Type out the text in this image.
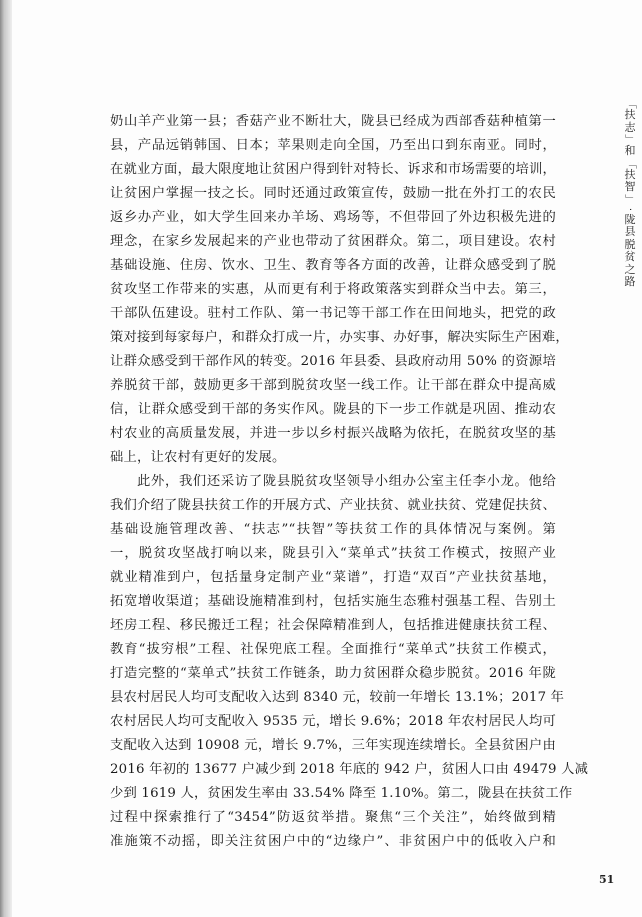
「
扶
志
」
和
「
扶
智
」
·
陇
县
脱
贫
之
路
奶山羊产业第一县；香菇产业不断壮大，陇县已经成为西部香菇种植第一
县，产品远销韩国、日本；苹果则走向全国，乃至出口到东南亚。同时，
在就业方面，最大限度地让贫困户得到针对特长、诉求和市场需要的培训，
让贫困户掌握一技之长。同时还通过政策宣传，鼓励一批在外打工的农民
返乡办产业，如大学生回来办羊场、鸡场等，不但带回了外边积极先进的
理念，在家乡发展起来的产业也带动了贫困群众。第二，项目建设。农村
基础设施、住房、饮水、卫生、教育等各方面的改善，让群众感受到了脱
贫攻坚工作带来的实惠，从而更有利于将政策落实到群众当中去。第三，
干部队伍建设。驻村工作队、第一书记等干部工作在田间地头，把党的政
策对接到每家每户，和群众打成一片，办实事、办好事，解决实际生产困难，
让群众感受到干部作风的转变。2016 年县委、县政府动用 50% 的资源培
养脱贫干部，鼓励更多干部到脱贫攻坚一线工作。让干部在群众中提高威
信，让群众感受到干部的务实作风。陇县的下一步工作就是巩固、推动农
村农业的高质量发展，并进一步以乡村振兴战略为依托，在脱贫攻坚的基
础上，让农村有更好的发展。
此外，我们还采访了陇县脱贫攻坚领导小组办公室主任李小龙。他给
我们介绍了陇县扶贫工作的开展方式、产业扶贫、就业扶贫、党建促扶贫、
基础设施管理改善、“扶志”“扶智”等扶贫工作的具体情况与案例。第
一，脱贫攻坚战打响以来，陇县引入“菜单式”扶贫工作模式，按照产业
就业精准到户，包括量身定制产业“菜谱”，打造“双百”产业扶贫基地，
拓宽增收渠道；基础设施精准到村，包括实施生态雅村强基工程、告别土
坯房工程、移民搬迁工程；社会保障精准到人，包括推进健康扶贫工程、
教育“拔穷根”工程、社保兜底工程。全面推行“菜单式”扶贫工作模式，
打造完整的“菜单式”扶贫工作链条，助力贫困群众稳步脱贫。2016 年陇
县农村居民人均可支配收入达到 8340 元，较前一年增长 13.1%；2017 年
农村居民人均可支配收入 9535 元，增长 9.6%；2018 年农村居民人均可
支配收入达到 10908 元，增长 9.7%，三年实现连续增长。全县贫困户由
2016 年初的 13677 户减少到 2018 年底的 942 户，贫困人口由 49479 人减
少到 1619 人，贫困发生率由 33.54% 降至 1.10%。第二，陇县在扶贫工作
过程中探索推行了“3454”防返贫举措。聚焦“三个关注”，始终做到精
准施策不动摇，即关注贫困户中的“边缘户”、非贫困户中的低收入户和
51
